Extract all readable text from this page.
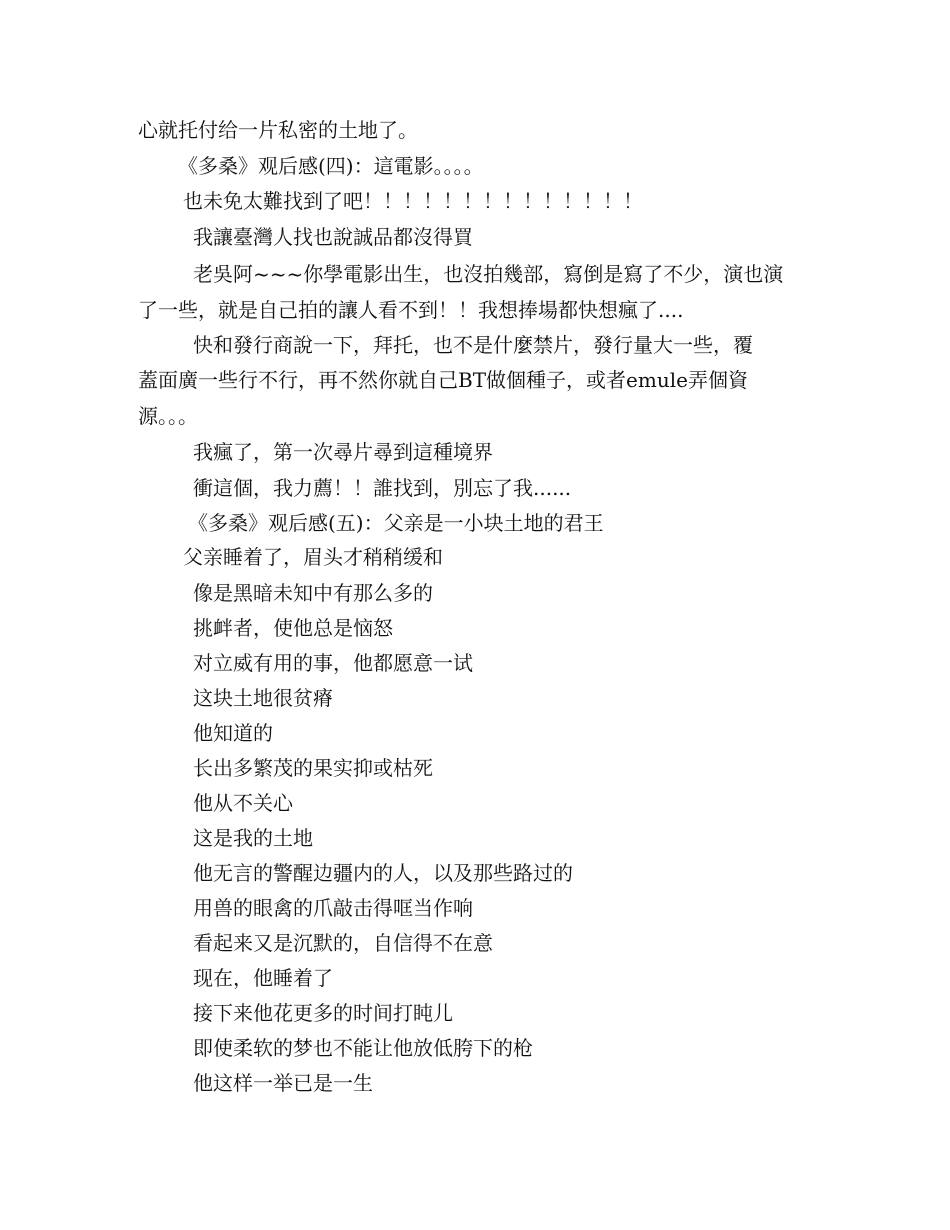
心就托付给一片私密的土地了。
《多桑》观后感(四)：這電影。。。。
也未免太難找到了吧！！！！！！！！！！！！！！
我讓臺灣人找也說誠品都沒得買
老吳阿~~~你學電影出生，也沒拍幾部，寫倒是寫了不少，演也演
了一些，就是自己拍的讓人看不到！！我想捧場都快想瘋了....
快和發行商說一下，拜托，也不是什麼禁片，發行量大一些，覆
蓋面廣一些行不行，再不然你就自己BT做個種子，或者emule弄個資
源。。。
我瘋了，第一次尋片尋到這種境界
衝這個，我力薦！！誰找到，別忘了我......
《多桑》观后感(五)：父亲是一小块土地的君王
父亲睡着了，眉头才稍稍缓和
像是黑暗未知中有那么多的
挑衅者，使他总是恼怒
对立威有用的事，他都愿意一试
这块土地很贫瘠
他知道的
长出多繁茂的果实抑或枯死
他从不关心
这是我的土地
他无言的警醒边疆内的人，以及那些路过的
用兽的眼禽的爪敲击得哐当作响
看起来又是沉默的，自信得不在意
现在，他睡着了
接下来他花更多的时间打盹儿
即使柔软的梦也不能让他放低胯下的枪
他这样一举已是一生
